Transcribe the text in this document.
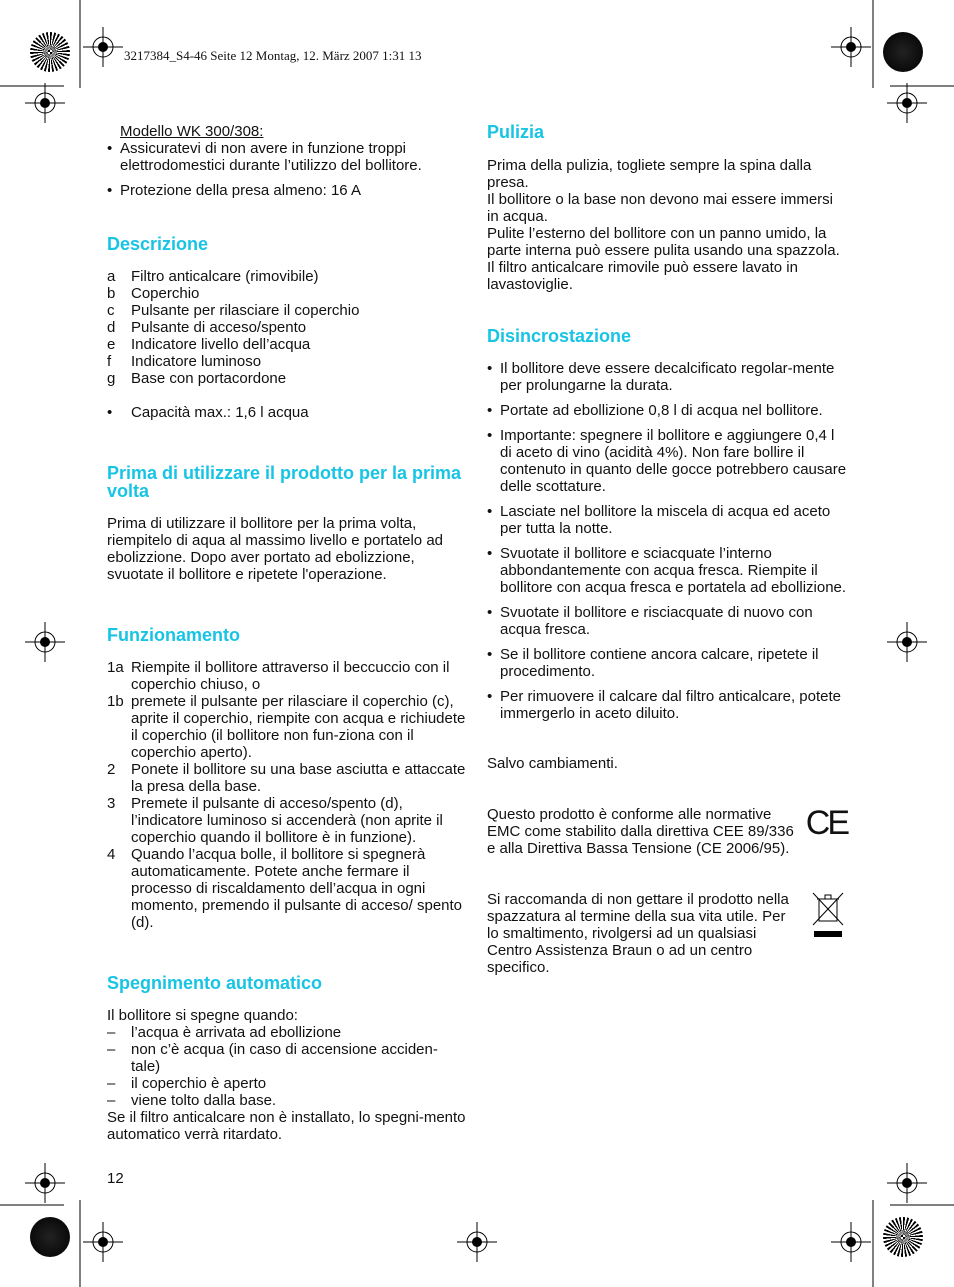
3217384_S4-46 Seite 12 Montag, 12. März 2007 1:31 13

Modello WK 300/308:

• Assicuratevi di non avere in funzione troppi elettrodomestici durante l’utilizzo del bollitore.
• Protezione della presa almeno: 16 A
Descrizione
a	Filtro anticalcare (rimovibile)
b	Coperchio
c	Pulsante per rilasciare il coperchio
d	Pulsante di acceso/spento
e	Indicatore livello dell’acqua
f	Indicatore luminoso
g	Base con portacordone
•	Capacità max.: 1,6 l acqua
Prima di utilizzare il prodotto per la prima volta

Prima di utilizzare il bollitore per la prima volta, riempitelo di aqua al massimo livello e portatelo ad ebolizzione. Dopo aver portato ad ebolizzione, svuotate il bollitore e ripetete l'operazione.

Funzionamento
1a Riempite il bollitore attraverso il beccuccio con il coperchio chiuso, o
1b premete il pulsante per rilasciare il coperchio (c), aprite il coperchio, riempite con acqua e richiudete il coperchio (il bollitore non fun-ziona con il coperchio aperto).
2	Ponete il bollitore su una base asciutta e attaccate la presa della base.
3	Premete il pulsante di acceso/spento (d), l’indicatore luminoso si accenderà (non aprite il coperchio quando il bollitore è in funzione).
4	Quando l’acqua bolle, il bollitore si spegnerà automaticamente. Potete anche fermare il processo di riscaldamento dell’acqua in ogni momento, premendo il pulsante di acceso/ spento (d).
Spegnimento automatico

Il bollitore si spegne quando:

–	l’acqua è arrivata ad ebollizione
–	non c’è acqua (in caso di accensione acciden-tale)
–	il coperchio è aperto
–	viene tolto dalla base.

Se il filtro anticalcare non è installato, lo spegni-mento automatico verrà ritardato.

Pulizia

Prima della pulizia, togliete sempre la spina dalla presa.

Il bollitore o la base non devono mai essere immersi in acqua.

Pulite l’esterno del bollitore con un panno umido, la parte interna può essere pulita usando una spazzola. Il filtro anticalcare rimovile può essere lavato in lavastoviglie.

Disincrostazione
• Il bollitore deve essere decalcificato regolar-mente per prolungarne la durata.
• Portate ad ebollizione 0,8 l di acqua nel bollitore.
• Importante: spegnere il bollitore e aggiungere 0,4 l di aceto di vino (acidità 4%). Non fare bollire il contenuto in quanto delle gocce potrebbero causare delle scottature.
• Lasciate nel bollitore la miscela di acqua ed aceto per tutta la notte.
• Svuotate il bollitore e sciacquate l’interno abbondantemente con acqua fresca. Riempite il bollitore con acqua fresca e portatela ad ebollizione.
• Svuotate il bollitore e risciacquate di nuovo con acqua fresca.
• Se il bollitore contiene ancora calcare, ripetete il procedimento.
• Per rimuovere il calcare dal filtro anticalcare, potete immergerlo in aceto diluito.

Salvo cambiamenti.

Questo prodotto è conforme alle normative EMC come stabilito dalla direttiva CEE 89/336 e alla Direttiva Bassa Tensione (CE 2006/95).

CE

Si raccomanda di non gettare il prodotto nella spazzatura al termine della sua vita utile. Per lo smaltimento, rivolgersi ad un qualsiasi Centro Assistenza Braun o ad un centro specifico.

12
